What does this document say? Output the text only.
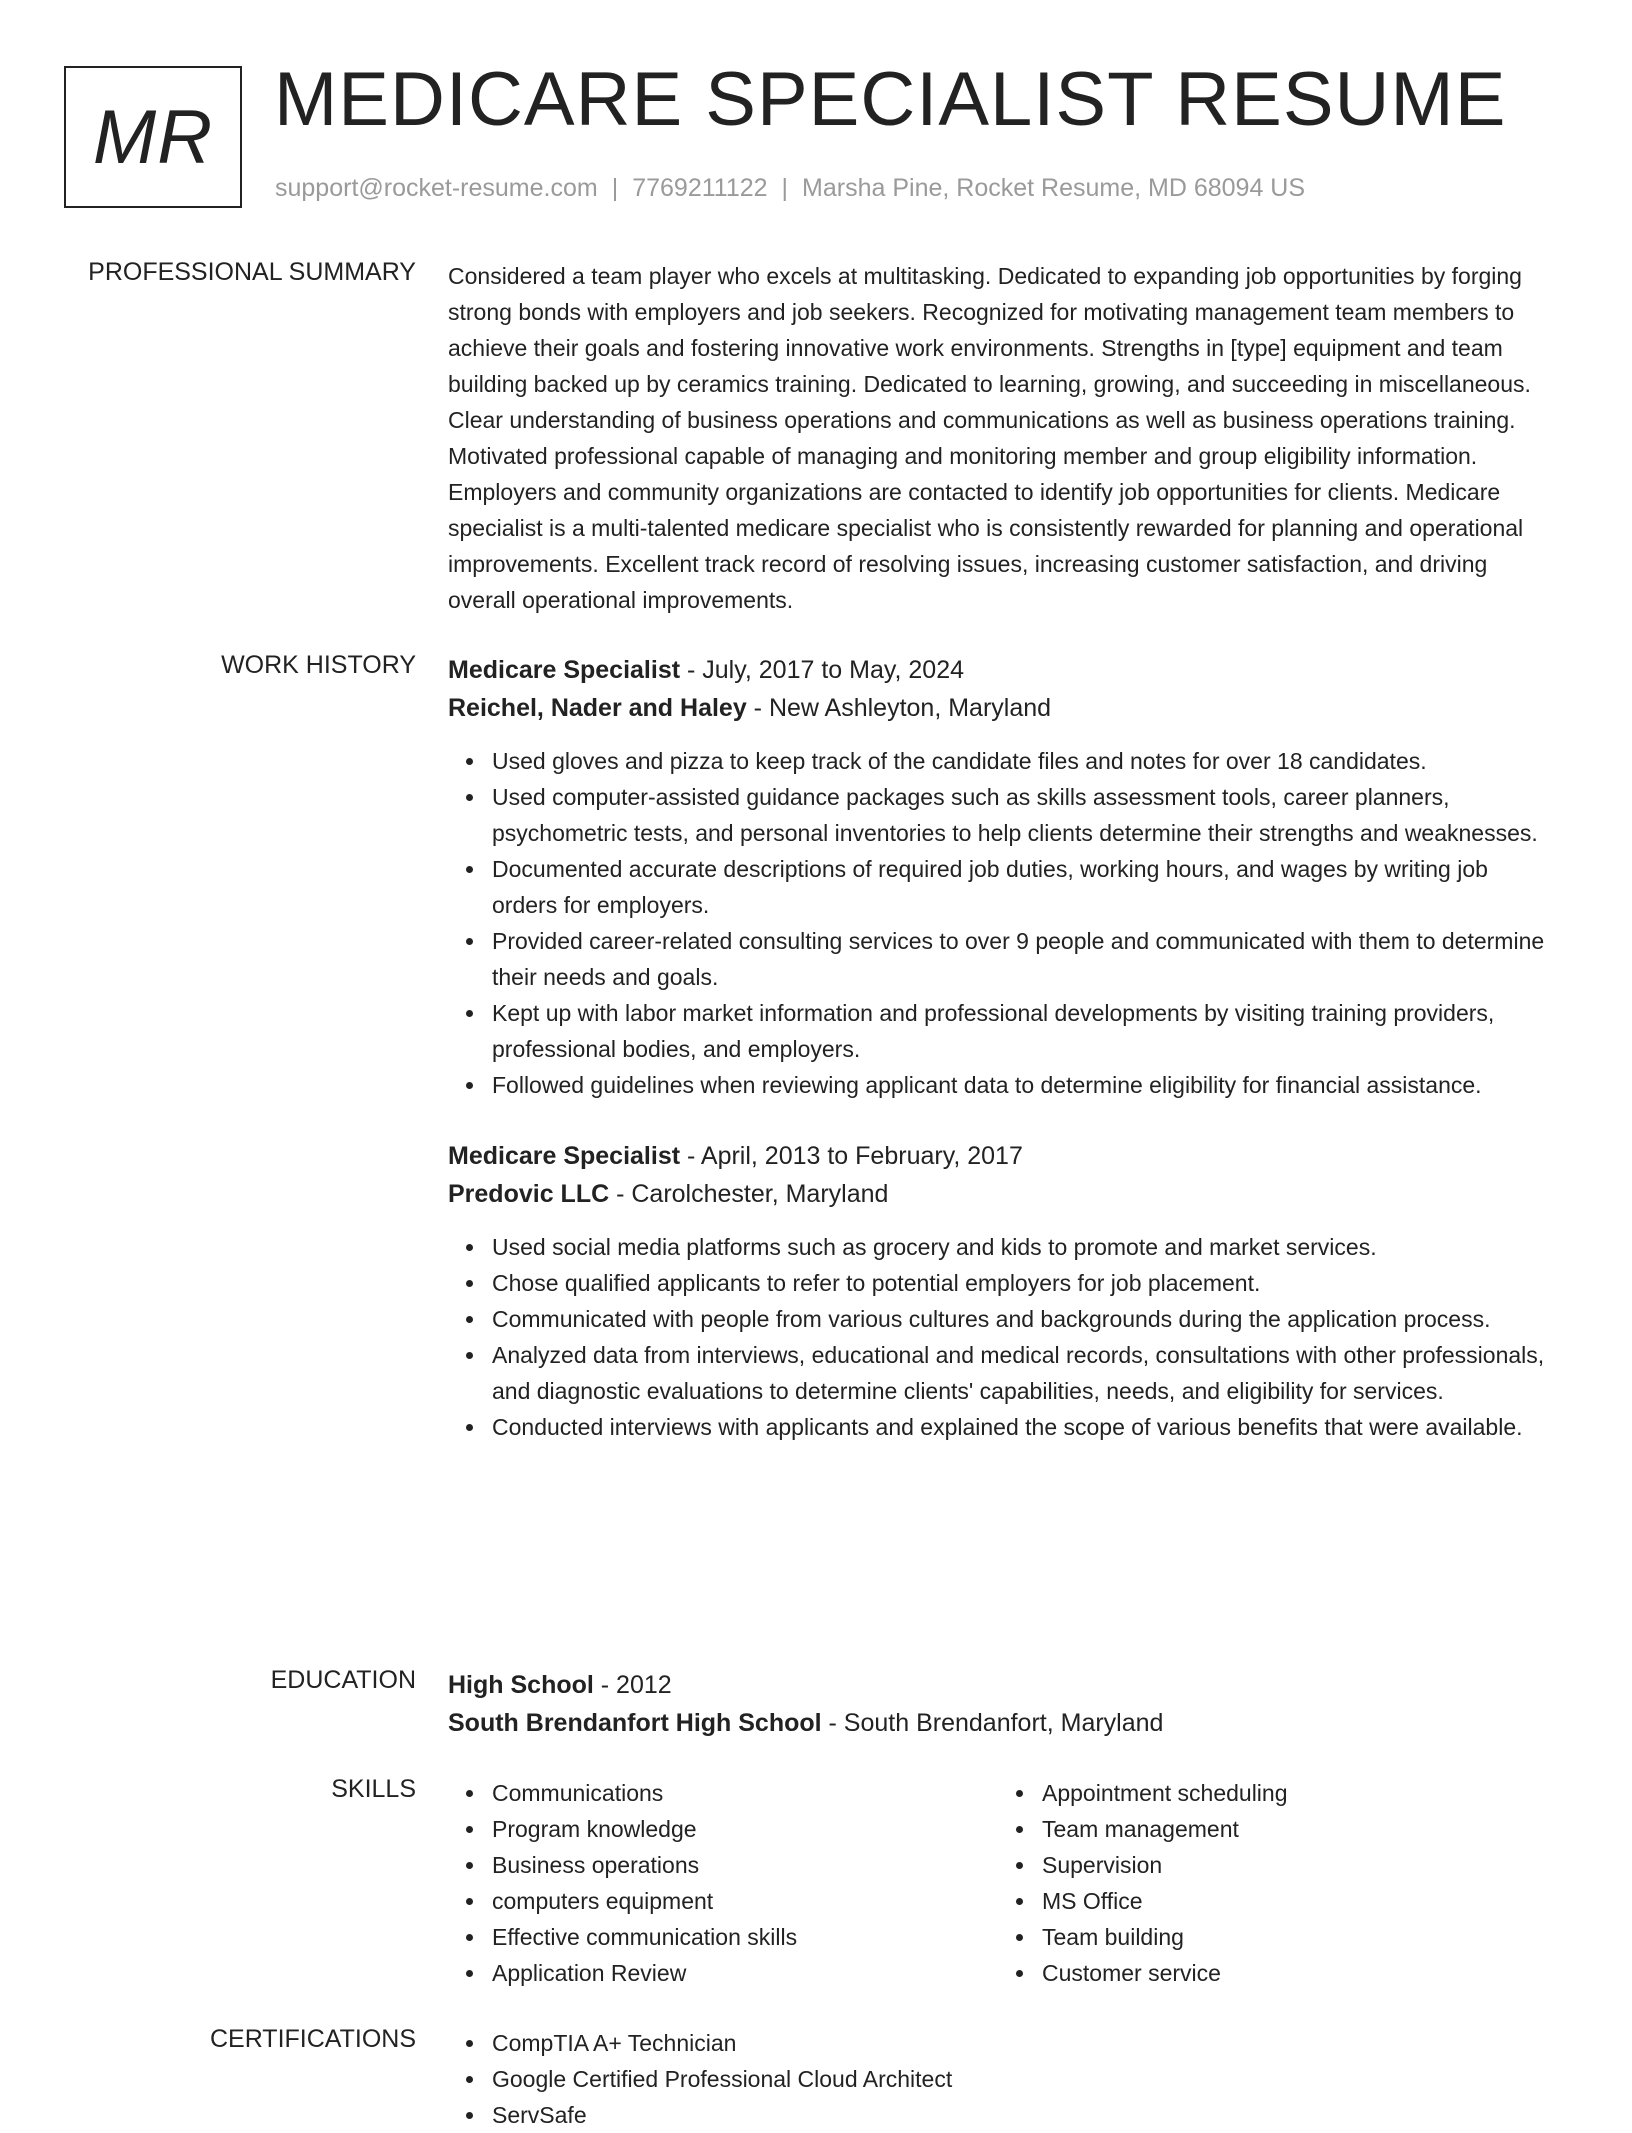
MR MEDICARE SPECIALIST RESUME
support@rocket-resume.com | 7769211122 | Marsha Pine, Rocket Resume, MD 68094 US
PROFESSIONAL SUMMARY Considered a team player who excels at multitasking. Dedicated to expanding job opportunities by forging strong bonds with employers and job seekers. Recognized for motivating management team members to achieve their goals and fostering innovative work environments. Strengths in [type] equipment and team building backed up by ceramics training. Dedicated to learning, growing, and succeeding in miscellaneous. Clear understanding of business operations and communications as well as business operations training. Motivated professional capable of managing and monitoring member and group eligibility information. Employers and community organizations are contacted to identify job opportunities for clients. Medicare specialist is a multi-talented medicare specialist who is consistently rewarded for planning and operational improvements. Excellent track record of resolving issues, increasing customer satisfaction, and driving overall operational improvements.

WORK HISTORY Medicare Specialist - July, 2017 to May, 2024
Reichel, Nader and Haley - New Ashleyton, Maryland
Used gloves and pizza to keep track of the candidate files and notes for over 18 candidates.
Used computer-assisted guidance packages such as skills assessment tools, career planners, psychometric tests, and personal inventories to help clients determine their strengths and weaknesses.
Documented accurate descriptions of required job duties, working hours, and wages by writing job orders for employers.
Provided career-related consulting services to over 9 people and communicated with them to determine their needs and goals.
Kept up with labor market information and professional developments by visiting training providers, professional bodies, and employers.
Followed guidelines when reviewing applicant data to determine eligibility for financial assistance.
Medicare Specialist - April, 2013 to February, 2017
Predovic LLC - Carolchester, Maryland
Used social media platforms such as grocery and kids to promote and market services.
Chose qualified applicants to refer to potential employers for job placement.
Communicated with people from various cultures and backgrounds during the application process.
Analyzed data from interviews, educational and medical records, consultations with other professionals, and diagnostic evaluations to determine clients' capabilities, needs, and eligibility for services.
Conducted interviews with applicants and explained the scope of various benefits that were available.
EDUCATION High School - 2012
South Brendanfort High School - South Brendanfort, Maryland
SKILLS	Communications
Program knowledge
Business operations
computers equipment
Effective communication skills
Application Review
Appointment scheduling
Team management
Supervision
MS Office
Team building
Customer service
CERTIFICATIONS	CompTIA A+ Technician
Google Certified Professional Cloud Architect
ServSafe
